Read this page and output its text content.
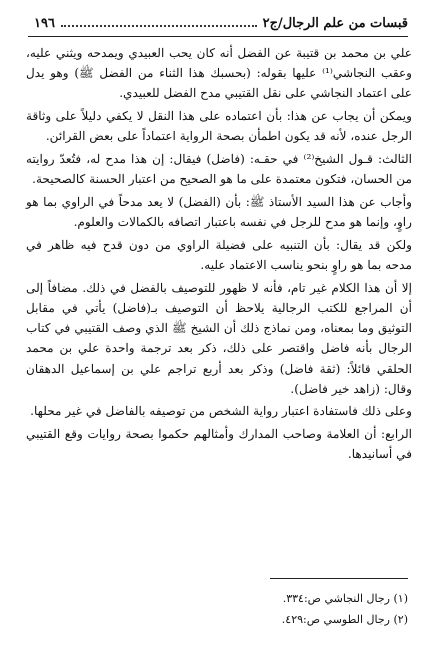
قبسات من علم الرجال/ج٢
١٩٦

علي بن محمد بن قتيبة عن الفضل أنه كان يحب العبيدي ويمدحه ويثني عليه، وعقب النجاشي⁽¹⁾ عليها بقوله: (بحسبك هذا الثناء من الفضل ﷺ) وهو يدل على اعتماد النجاشي على نقل القتيبي مدح الفضل للعبيدي.

ويمكن أن يجاب عن هذا: بأن اعتماده على هذا النقل لا يكفي دليلاً على وثاقة الرجل عنده، لأنه قد يكون اطمأن بصحة الرواية اعتماداً على بعض القرائن.

الثالث: قـول الشيخ⁽²⁾ في حقـه: (فاضل) فيقال: إن هذا مدح له، فتُعدّ روايته من الحسان، فتكون معتمدة على ما هو الصحيح من اعتبار الحسنة كالصحيحة.

وأجاب عن هذا السيد الأستاذ ﷺ: بأن (الفضل) لا يعد مدحاً في الراوي بما هو راوٍ، وإنما هو مدح للرجل في نفسه باعتبار اتصافه بالكمالات والعلوم.

ولكن قد يقال: بأن التنبيه على فضيلة الراوي من دون قدح فيه ظاهر في مدحه بما هو راوٍ بنحو يناسب الاعتماد عليه.

إلا أن هذا الكلام غير تام، فأنه لا ظهور للتوصيف بالفضل في ذلك. مضافاً إلى أن المراجع للكتب الرجالية يلاحظ أن التوصيف بـ(فاضل) يأتي في مقابل التوثيق وما بمعناه، ومن نماذج ذلك أن الشيخ ﷺ الذي وصف القتيبي في كتاب الرجال بأنه فاضل واقتصر على ذلك، ذكر بعد ترجمة واحدة علي بن محمد الحلقي قائلاً: (ثقة فاضل) وذكر بعد أربع تراجم علي بن إسماعيل الدهقان وقال: (زاهد خير فاضل).

وعلى ذلك فاستفادة اعتبار رواية الشخص من توصيفه بالفاضل في غير محلها.

الرابع: أن العلامة وصاحب المدارك وأمثالهم حكموا بصحة روايات وقع القتيبي في أسانيدها.

(١) رجال النجاشي ص:٣٣٤.
(٢) رجال الطوسي ص:٤٢٩.
